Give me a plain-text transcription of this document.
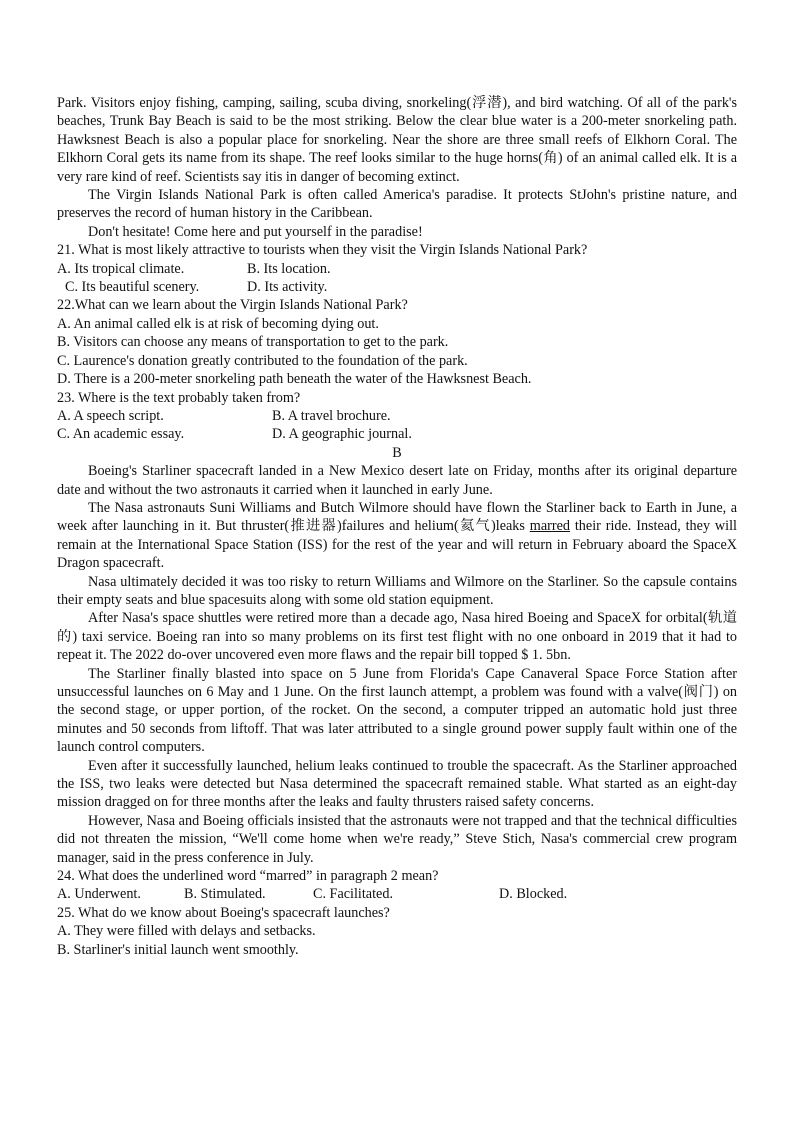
Park. Visitors enjoy fishing, camping, sailing, scuba diving, snorkeling(浮潜), and bird watching. Of all of the park's beaches, Trunk Bay Beach is said to be the most striking. Below the clear blue water is a 200-meter snorkeling path. Hawksnest Beach is also a popular place for snorkeling. Near the shore are three small reefs of Elkhorn Coral. The Elkhorn Coral gets its name from its shape. The reef looks similar to the huge horns(角) of an animal called elk. It is a very rare kind of reef. Scientists say itis in danger of becoming extinct.

The Virgin Islands National Park is often called America's paradise. It protects StJohn's pristine nature, and preserves the record of human history in the Caribbean.

Don't hesitate! Come here and put yourself in the paradise!

21. What is most likely attractive to tourists when they visit the Virgin Islands National Park?

A. Its tropical climate.	B. Its location.
C. Its beautiful scenery.	D. Its activity.

22.What can we learn about the Virgin Islands National Park?

A. An animal called elk is at risk of becoming dying out.

B. Visitors can choose any means of transportation to get to the park.

C. Laurence's donation greatly contributed to the foundation of the park.

D. There is a 200-meter snorkeling path beneath the water of the Hawksnest Beach.

23. Where is the text probably taken from?

A. A speech script.	B. A travel brochure.
C. An academic essay.	D. A geographic journal.

B

Boeing's Starliner spacecraft landed in a New Mexico desert late on Friday, months after its original departure date and without the two astronauts it carried when it launched in early June.

The Nasa astronauts Suni Williams and Butch Wilmore should have flown the Starliner back to Earth in June, a week after launching in it. But thruster(推进器)failures and helium(氦气)leaks marred their ride. Instead, they will remain at the International Space Station (ISS) for the rest of the year and will return in February aboard the SpaceX Dragon spacecraft.

Nasa ultimately decided it was too risky to return Williams and Wilmore on the Starliner. So the capsule contains their empty seats and blue spacesuits along with some old station equipment.

After Nasa's space shuttles were retired more than a decade ago, Nasa hired Boeing and SpaceX for orbital(轨道的) taxi service. Boeing ran into so many problems on its first test flight with no one onboard in 2019 that it had to repeat it. The 2022 do-over uncovered even more flaws and the repair bill topped $ 1. 5bn.

The Starliner finally blasted into space on 5 June from Florida's Cape Canaveral Space Force Station after unsuccessful launches on 6 May and 1 June. On the first launch attempt, a problem was found with a valve(阀门) on the second stage, or upper portion, of the rocket. On the second, a computer tripped an automatic hold just three minutes and 50 seconds from liftoff. That was later attributed to a single ground power supply fault within one of the launch control computers.

Even after it successfully launched, helium leaks continued to trouble the spacecraft. As the Starliner approached the ISS, two leaks were detected but Nasa determined the spacecraft remained stable. What started as an eight-day mission dragged on for three months after the leaks and faulty thrusters raised safety concerns.

However, Nasa and Boeing officials insisted that the astronauts were not trapped and that the technical difficulties did not threaten the mission, “We'll come home when we're ready,” Steve Stich, Nasa's commercial crew program manager, said in the press conference in July.

24. What does the underlined word “marred” in paragraph 2 mean?

A. Underwent.	B. Stimulated.	C. Facilitated.	D. Blocked.

25. What do we know about Boeing's spacecraft launches?

A. They were filled with delays and setbacks.

B. Starliner's initial launch went smoothly.
